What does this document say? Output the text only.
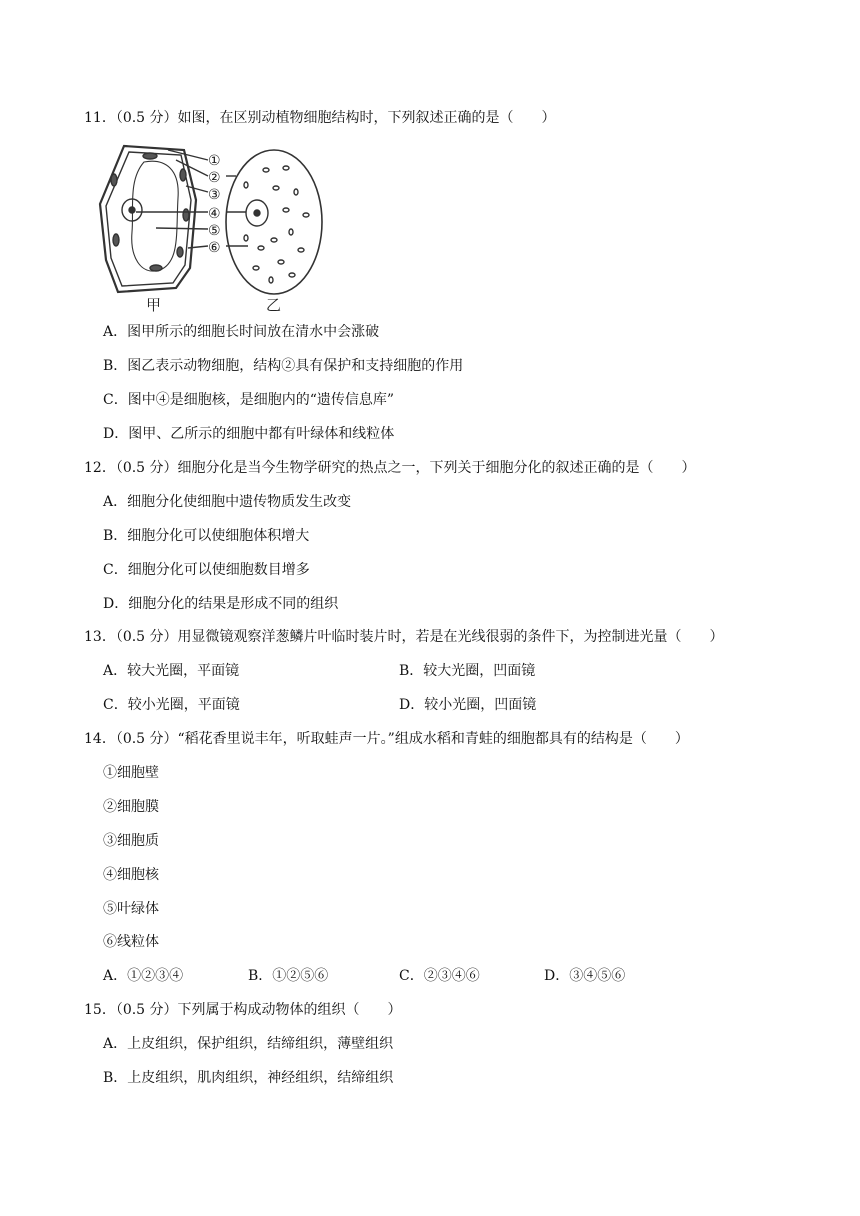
11．（0.5 分）如图，在区别动植物细胞结构时，下列叙述正确的是（　　）
①
②
③
④
⑤
⑥
甲	乙
A．图甲所示的细胞长时间放在清水中会涨破
B．图乙表示动物细胞，结构②具有保护和支持细胞的作用
C．图中④是细胞核，是细胞内的“遗传信息库”
D．图甲、乙所示的细胞中都有叶绿体和线粒体
12．（0.5 分）细胞分化是当今生物学研究的热点之一，下列关于细胞分化的叙述正确的是（　　）
A．细胞分化使细胞中遗传物质发生改变
B．细胞分化可以使细胞体积增大
C．细胞分化可以使细胞数目增多
D．细胞分化的结果是形成不同的组织
13．（0.5 分）用显微镜观察洋葱鳞片叶临时装片时，若是在光线很弱的条件下，为控制进光量（　　）
A．较大光圈，平面镜	B．较大光圈，凹面镜
C．较小光圈，平面镜	D．较小光圈，凹面镜
14．（0.5 分）“稻花香里说丰年，听取蛙声一片。”组成水稻和青蛙的细胞都具有的结构是（　　）
①细胞壁
②细胞膜
③细胞质
④细胞核
⑤叶绿体
⑥线粒体
A．①②③④	B．①②⑤⑥	C．②③④⑥	D．③④⑤⑥
15．（0.5 分）下列属于构成动物体的组织（　　）
A．上皮组织，保护组织，结缔组织，薄壁组织
B．上皮组织，肌肉组织，神经组织，结缔组织
